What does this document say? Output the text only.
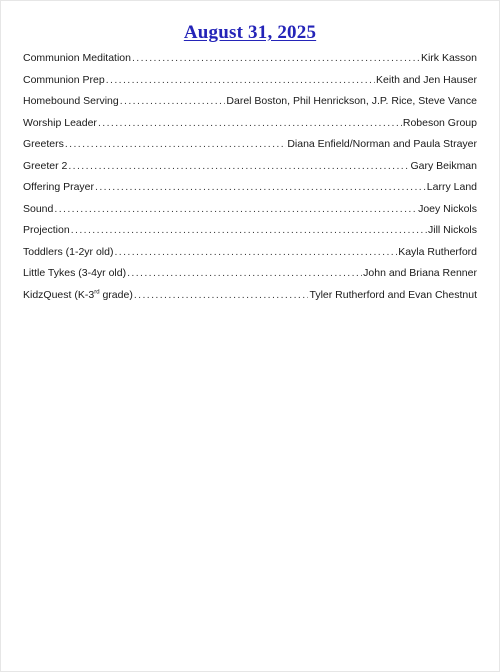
August 31, 2025
Communion Meditation .....	Kirk Kasson
Communion Prep .....	Keith and Jen Hauser
Homebound Serving .....	Darel Boston, Phil Henrickson, J.P. Rice, Steve Vance
Worship Leader .....	Robeson Group
Greeters .....	Diana Enfield/Norman and Paula Strayer
Greeter 2 .....	Gary Beikman
Offering Prayer .....	Larry Land
Sound .....	Joey Nickols
Projection .....	Jill Nickols
Toddlers (1-2yr old) .....	Kayla Rutherford
Little Tykes (3-4yr old) .....	John and Briana Renner
KidzQuest (K-3rd grade) .....	Tyler Rutherford and Evan Chestnut
